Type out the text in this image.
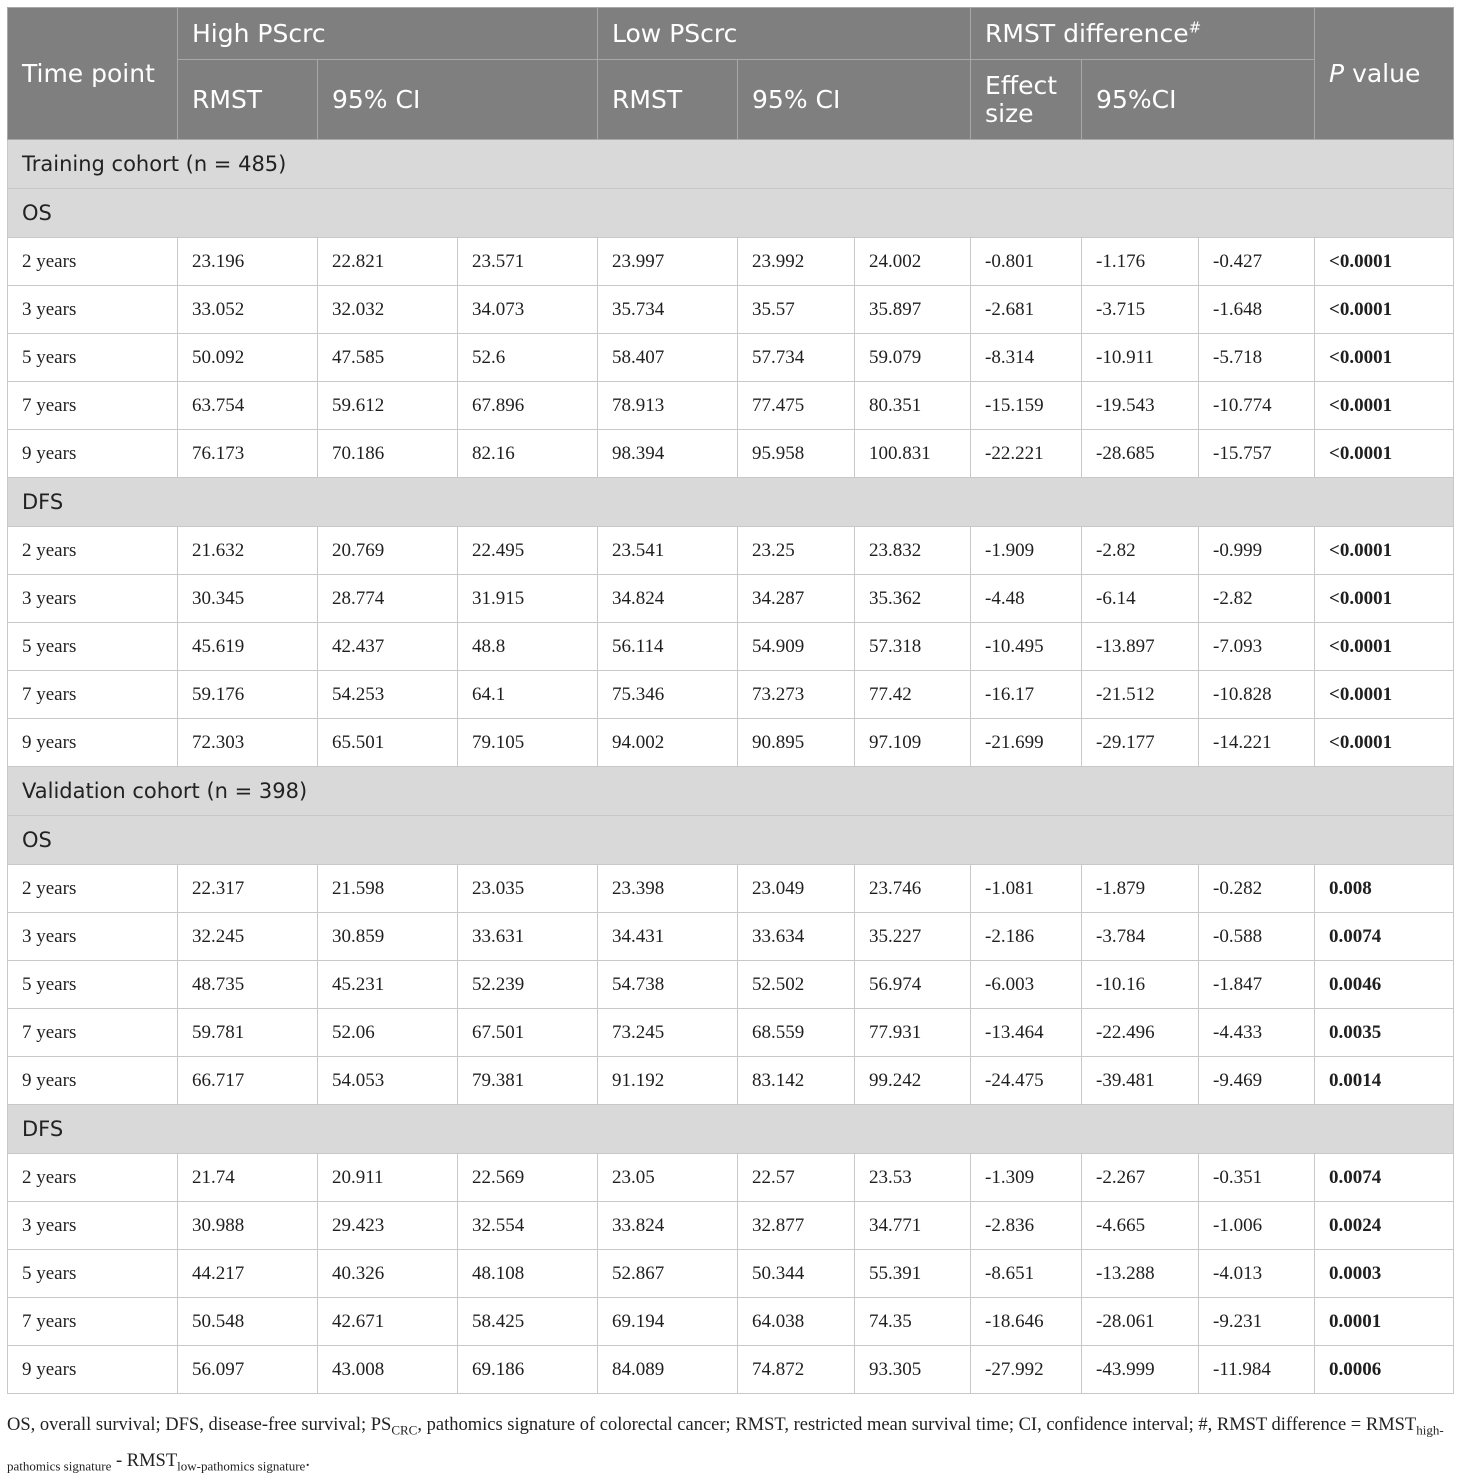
Time point	High PScrc			Low PScrc			RMST difference#			P value
	RMST	95% CI		RMST	95% CI		Effect size	95%CI		
Training cohort (n = 485)										
OS										
2 years	23.196	22.821	23.571	23.997	23.992	24.002	-0.801	-1.176	-0.427	<0.0001
3 years	33.052	32.032	34.073	35.734	35.57	35.897	-2.681	-3.715	-1.648	<0.0001
5 years	50.092	47.585	52.6	58.407	57.734	59.079	-8.314	-10.911	-5.718	<0.0001
7 years	63.754	59.612	67.896	78.913	77.475	80.351	-15.159	-19.543	-10.774	<0.0001
9 years	76.173	70.186	82.16	98.394	95.958	100.831	-22.221	-28.685	-15.757	<0.0001
DFS										
2 years	21.632	20.769	22.495	23.541	23.25	23.832	-1.909	-2.82	-0.999	<0.0001
3 years	30.345	28.774	31.915	34.824	34.287	35.362	-4.48	-6.14	-2.82	<0.0001
5 years	45.619	42.437	48.8	56.114	54.909	57.318	-10.495	-13.897	-7.093	<0.0001
7 years	59.176	54.253	64.1	75.346	73.273	77.42	-16.17	-21.512	-10.828	<0.0001
9 years	72.303	65.501	79.105	94.002	90.895	97.109	-21.699	-29.177	-14.221	<0.0001
Validation cohort (n = 398)										
OS										
2 years	22.317	21.598	23.035	23.398	23.049	23.746	-1.081	-1.879	-0.282	0.008
3 years	32.245	30.859	33.631	34.431	33.634	35.227	-2.186	-3.784	-0.588	0.0074
5 years	48.735	45.231	52.239	54.738	52.502	56.974	-6.003	-10.16	-1.847	0.0046
7 years	59.781	52.06	67.501	73.245	68.559	77.931	-13.464	-22.496	-4.433	0.0035
9 years	66.717	54.053	79.381	91.192	83.142	99.242	-24.475	-39.481	-9.469	0.0014
DFS										
2 years	21.74	20.911	22.569	23.05	22.57	23.53	-1.309	-2.267	-0.351	0.0074
3 years	30.988	29.423	32.554	33.824	32.877	34.771	-2.836	-4.665	-1.006	0.0024
5 years	44.217	40.326	48.108	52.867	50.344	55.391	-8.651	-13.288	-4.013	0.0003
7 years	50.548	42.671	58.425	69.194	64.038	74.35	-18.646	-28.061	-9.231	0.0001
9 years	56.097	43.008	69.186	84.089	74.872	93.305	-27.992	-43.999	-11.984	0.0006
OS, overall survival; DFS, disease-free survival; $PS_{CRC}$, pathomics signature of colorectal cancer; RMST, restricted mean survival time; CI, confidence interval; #, RMST difference = $RMST_{high-pathomics signature}$ - $RMST_{low-pathomics signature}$.
